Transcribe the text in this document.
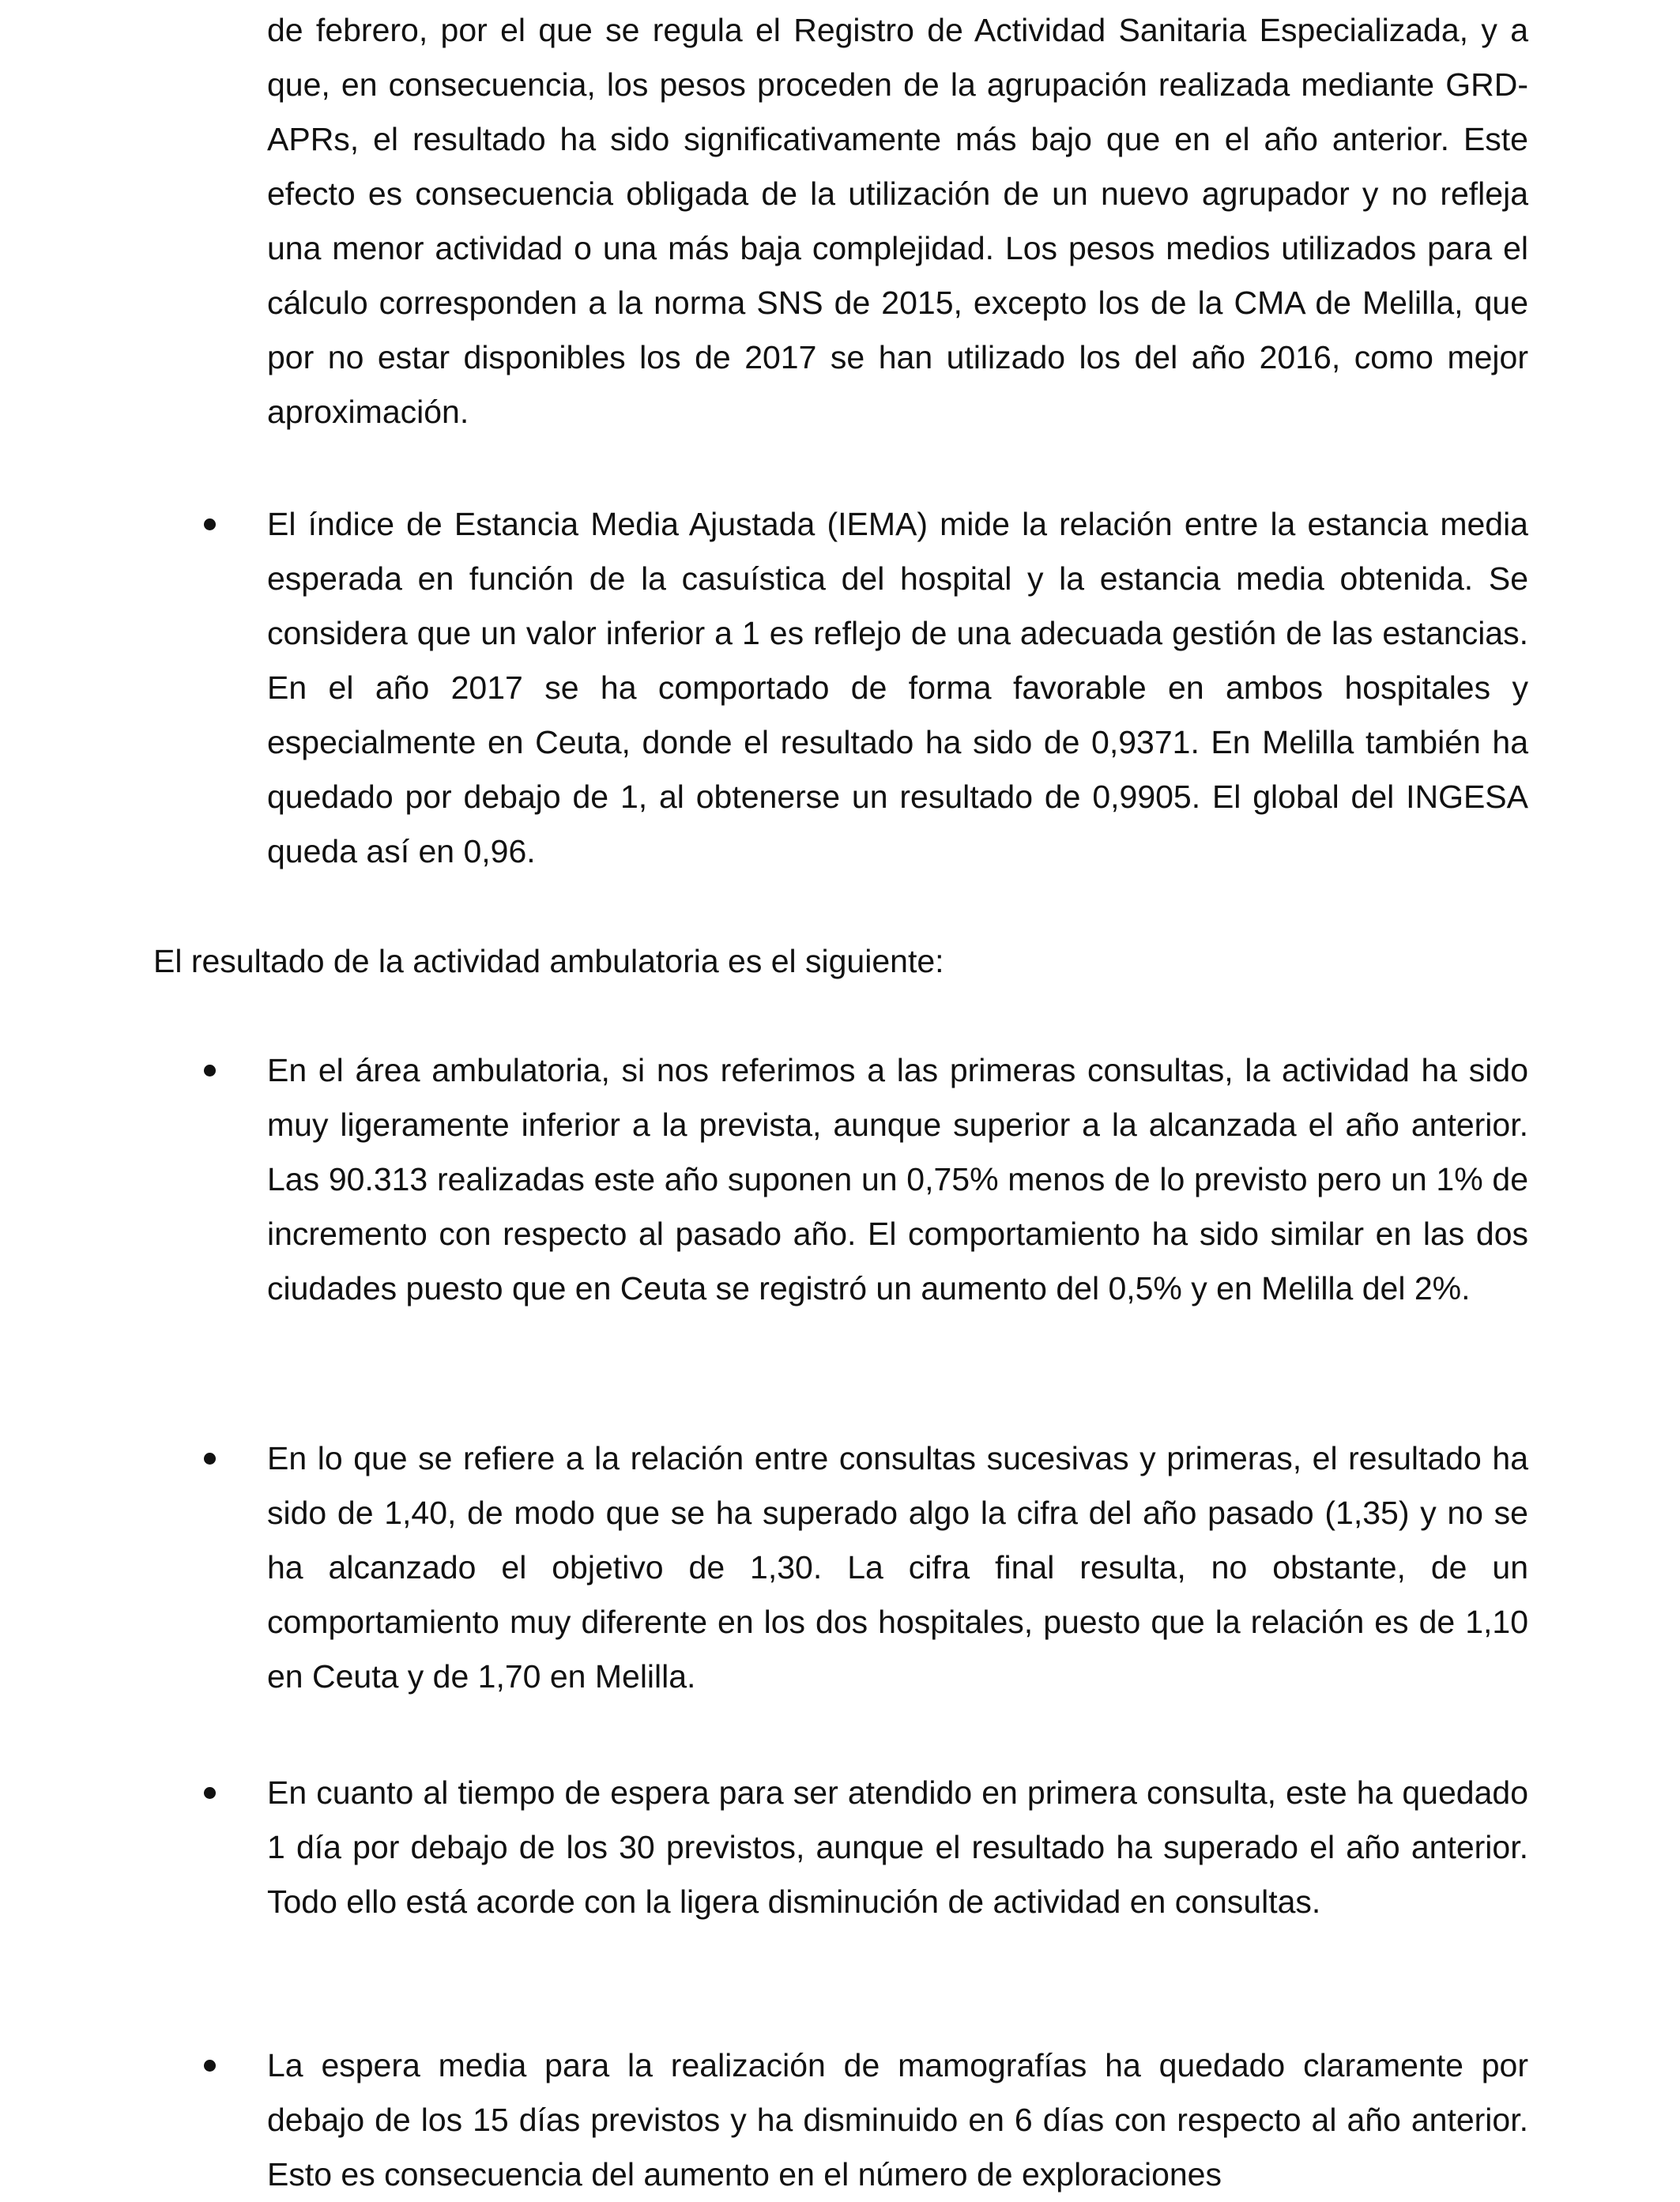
de febrero, por el que se regula el Registro de Actividad Sanitaria Especializada, y a que, en consecuencia, los pesos proceden de la agrupación realizada mediante GRD-APRs, el resultado ha sido significativamente más bajo que en el año anterior. Este efecto es consecuencia obligada de la utilización de un nuevo agrupador y no refleja una menor actividad o una más baja complejidad. Los pesos medios utilizados para el cálculo corresponden a la norma SNS de 2015, excepto los de la CMA de Melilla, que por no estar disponibles los de 2017 se han utilizado los del año 2016, como mejor aproximación.

El índice de Estancia Media Ajustada (IEMA) mide la relación entre la estancia media esperada en función de la casuística del hospital y la estancia media obtenida. Se considera que un valor inferior a 1 es reflejo de una adecuada gestión de las estancias. En el año 2017 se ha comportado de forma favorable en ambos hospitales y especialmente en Ceuta, donde el resultado ha sido de 0,9371. En Melilla también ha quedado por debajo de 1, al obtenerse un resultado de 0,9905. El global del INGESA queda así en 0,96.

El resultado de la actividad ambulatoria es el siguiente:

En el área ambulatoria, si nos referimos a las primeras consultas, la actividad ha sido muy ligeramente inferior a la prevista, aunque superior a la alcanzada el año anterior. Las 90.313 realizadas este año suponen un 0,75% menos de lo previsto pero un 1% de incremento con respecto al pasado año. El comportamiento ha sido similar en las dos ciudades puesto que en Ceuta se registró un aumento del 0,5% y en Melilla del 2%.

En lo que se refiere a la relación entre consultas sucesivas y primeras, el resultado ha sido de 1,40, de modo que se ha superado algo la cifra del año pasado (1,35) y no se ha alcanzado el objetivo de 1,30. La cifra final resulta, no obstante, de un comportamiento muy diferente en los dos hospitales, puesto que la relación es de 1,10 en Ceuta y de 1,70 en Melilla.

En cuanto al tiempo de espera para ser atendido en primera consulta, este ha quedado 1 día por debajo de los 30 previstos, aunque el resultado ha superado el año anterior. Todo ello está acorde con la ligera disminución de actividad en consultas.

La espera media para la realización de mamografías ha quedado claramente por debajo de los 15 días previstos y ha disminuido en 6 días con respecto al año anterior. Esto es consecuencia del aumento en el número de exploraciones
